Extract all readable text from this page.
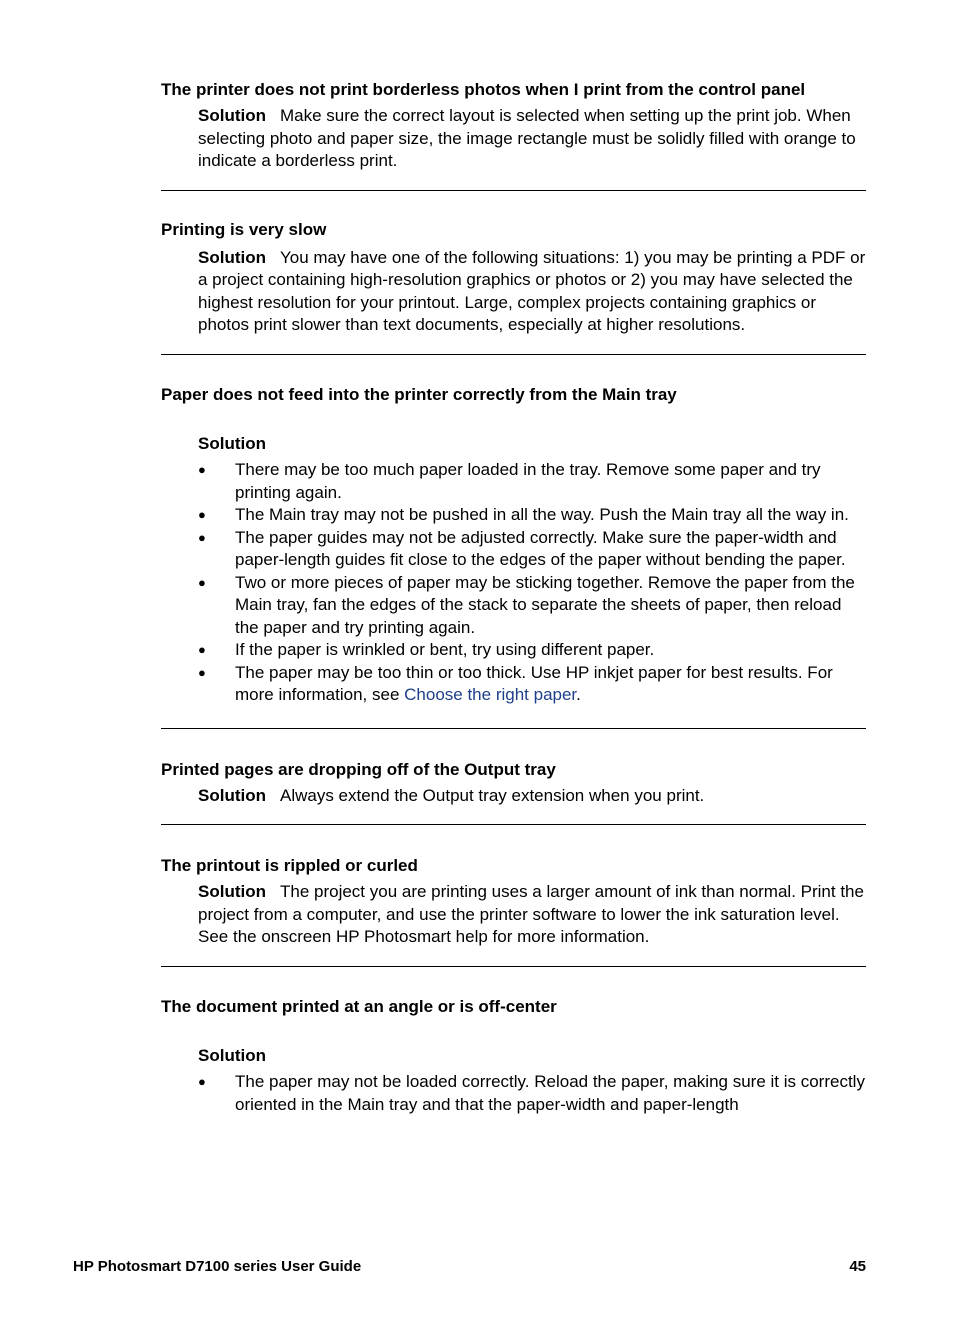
The printer does not print borderless photos when I print from the control panel
Solution Make sure the correct layout is selected when setting up the print job. When selecting photo and paper size, the image rectangle must be solidly filled with orange to indicate a borderless print.
Printing is very slow
Solution You may have one of the following situations: 1) you may be printing a PDF or a project containing high-resolution graphics or photos or 2) you may have selected the highest resolution for your printout. Large, complex projects containing graphics or photos print slower than text documents, especially at higher resolutions.
Paper does not feed into the printer correctly from the Main tray
Solution
● There may be too much paper loaded in the tray. Remove some paper and try printing again.
● The Main tray may not be pushed in all the way. Push the Main tray all the way in.
● The paper guides may not be adjusted correctly. Make sure the paper-width and paper-length guides fit close to the edges of the paper without bending the paper.
● Two or more pieces of paper may be sticking together. Remove the paper from the Main tray, fan the edges of the stack to separate the sheets of paper, then reload the paper and try printing again.
● If the paper is wrinkled or bent, try using different paper.
● The paper may be too thin or too thick. Use HP inkjet paper for best results. For more information, see Choose the right paper.
Printed pages are dropping off of the Output tray
Solution Always extend the Output tray extension when you print.
The printout is rippled or curled
Solution The project you are printing uses a larger amount of ink than normal. Print the project from a computer, and use the printer software to lower the ink saturation level. See the onscreen HP Photosmart help for more information.
The document printed at an angle or is off-center
Solution
● The paper may not be loaded correctly. Reload the paper, making sure it is correctly oriented in the Main tray and that the paper-width and paper-length
HP Photosmart D7100 series User Guide	45
